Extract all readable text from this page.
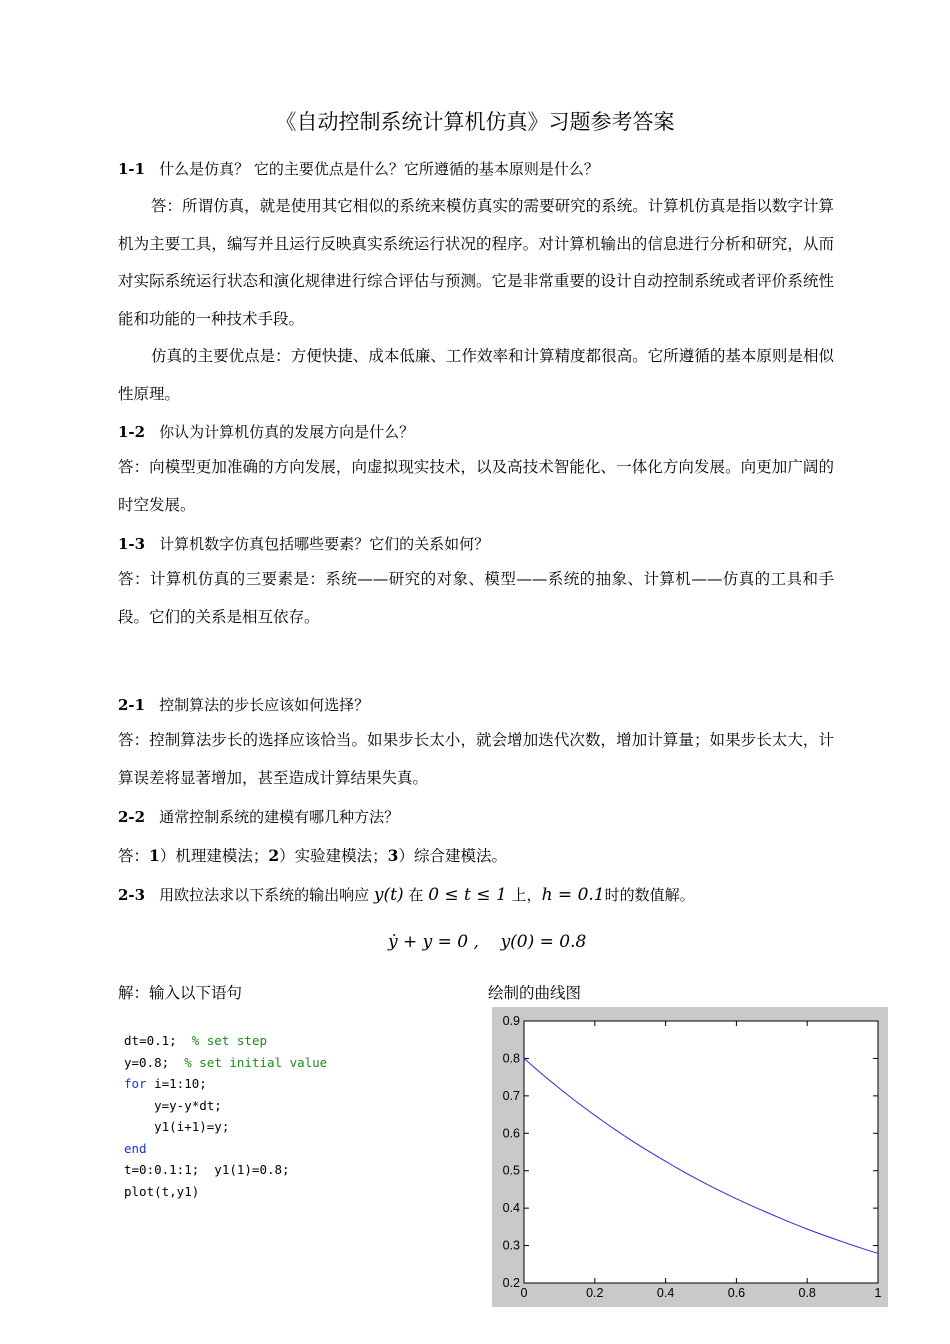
《自动控制系统计算机仿真》习题参考答案
1-1 什么是仿真？ 它的主要优点是什么？它所遵循的基本原则是什么？
答：所谓仿真，就是使用其它相似的系统来模仿真实的需要研究的系统。计算机仿真是指以数字计算机为主要工具，编写并且运行反映真实系统运行状况的程序。对计算机输出的信息进行分析和研究，从而对实际系统运行状态和演化规律进行综合评估与预测。它是非常重要的设计自动控制系统或者评价系统性能和功能的一种技术手段。
仿真的主要优点是：方便快捷、成本低廉、工作效率和计算精度都很高。它所遵循的基本原则是相似性原理。
1-2 你认为计算机仿真的发展方向是什么？
答：向模型更加准确的方向发展，向虚拟现实技术，以及高技术智能化、一体化方向发展。向更加广阔的时空发展。
1-3 计算机数字仿真包括哪些要素？它们的关系如何？
答：计算机仿真的三要素是：系统——研究的对象、模型——系统的抽象、计算机——仿真的工具和手段。它们的关系是相互依存。
2-1 控制算法的步长应该如何选择？
答：控制算法步长的选择应该恰当。如果步长太小，就会增加迭代次数，增加计算量；如果步长太大，计算误差将显著增加，甚至造成计算结果失真。
2-2 通常控制系统的建模有哪几种方法？
答：1）机理建模法；2）实验建模法；3）综合建模法。
2-3 用欧拉法求以下系统的输出响应 y(t) 在 0 ≤ t ≤ 1 上，h = 0.1时的数值解。
ẏ + y = 0 , y(0) = 0.8
解：输入以下语句	绘制的曲线图
dt=0.1;  % set step
y=0.8;  % set initial value
for i=1:10;
y=y-y*dt;
y1(i+1)=y;
end
t=0:0.1:1;  y1(1)=0.8;
plot(t,y1)
0	0.2	0.4	0.6	0.8	1
0.2
0.3
0.4
0.5
0.6
0.7
0.8
0.9
